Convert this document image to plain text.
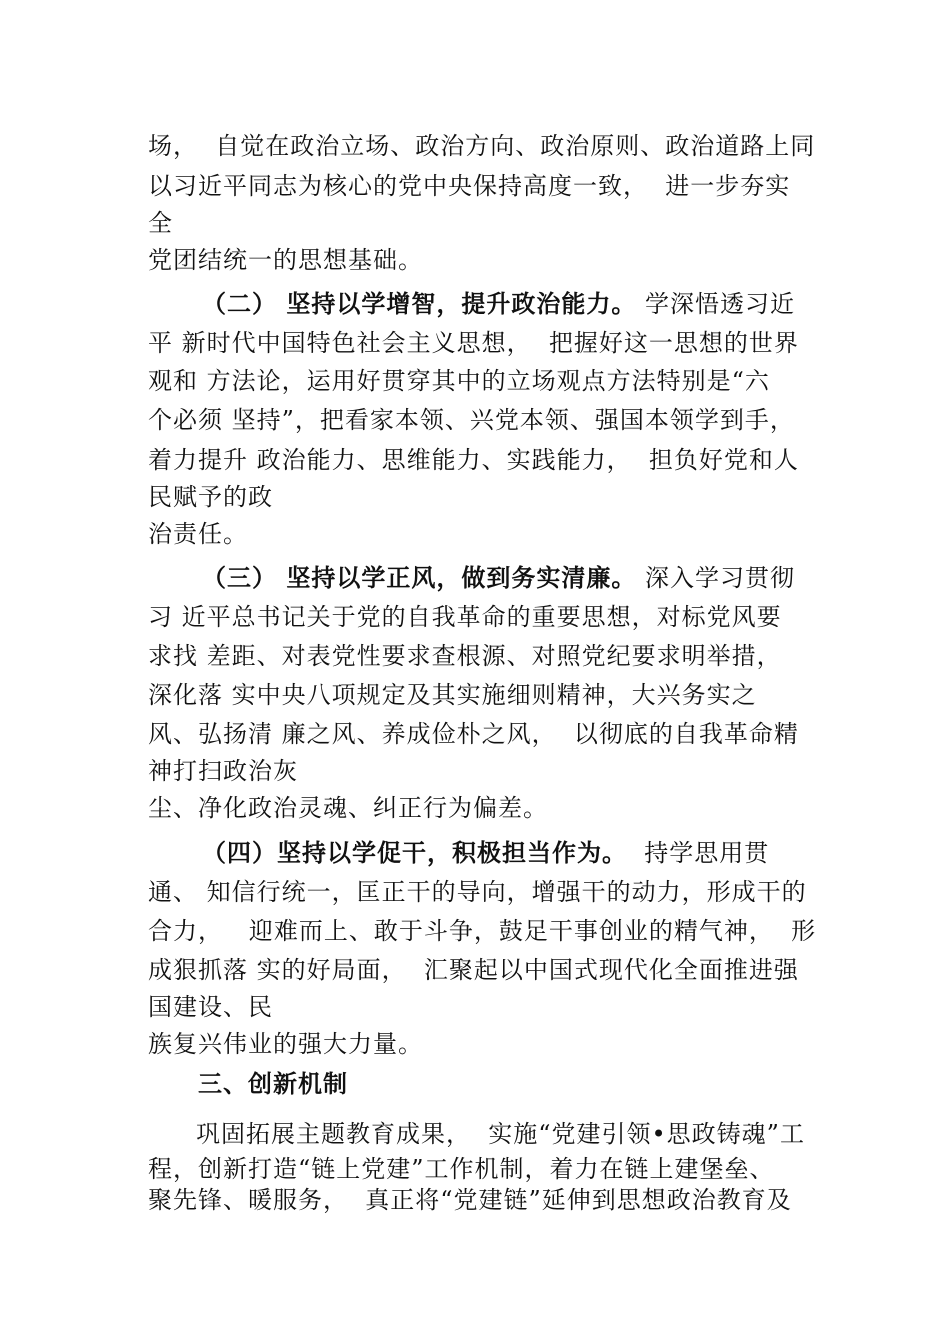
场，  自觉在政治立场、政治方向、政治原则、政治道路上同
以习近平同志为核心的党中央保持高度一致，  进一步夯实
全
党团结统一的思想基础。
（二） 坚持以学增智，提升政治能力。 学深悟透习近
平 新时代中国特色社会主义思想，  把握好这一思想的世界
观和 方法论，运用好贯穿其中的立场观点方法特别是“六
个必须 坚持”，把看家本领、兴党本领、强国本领学到手，
着力提升 政治能力、思维能力、实践能力，  担负好党和人
民赋予的政
治责任。
（三） 坚持以学正风，做到务实清廉。 深入学习贯彻
习 近平总书记关于党的自我革命的重要思想，对标党风要
求找 差距、对表党性要求查根源、对照党纪要求明举措，
深化落 实中央八项规定及其实施细则精神，大兴务实之
风、弘扬清 廉之风、养成俭朴之风，  以彻底的自我革命精
神打扫政治灰
尘、净化政治灵魂、纠正行为偏差。
（四）坚持以学促干，积极担当作为。  持学思用贯
通、 知信行统一，匡正干的导向，增强干的动力，形成干的
合力，   迎难而上、敢于斗争，鼓足干事创业的精气神，  形
成狠抓落 实的好局面，  汇聚起以中国式现代化全面推进强
国建设、民
族复兴伟业的强大力量。
三、创新机制
巩固拓展主题教育成果，  实施“党建引领•思政铸魂”工
程，创新打造“链上党建”工作机制，着力在链上建堡垒、
聚先锋、暖服务，  真正将“党建链”延伸到思想政治教育及
